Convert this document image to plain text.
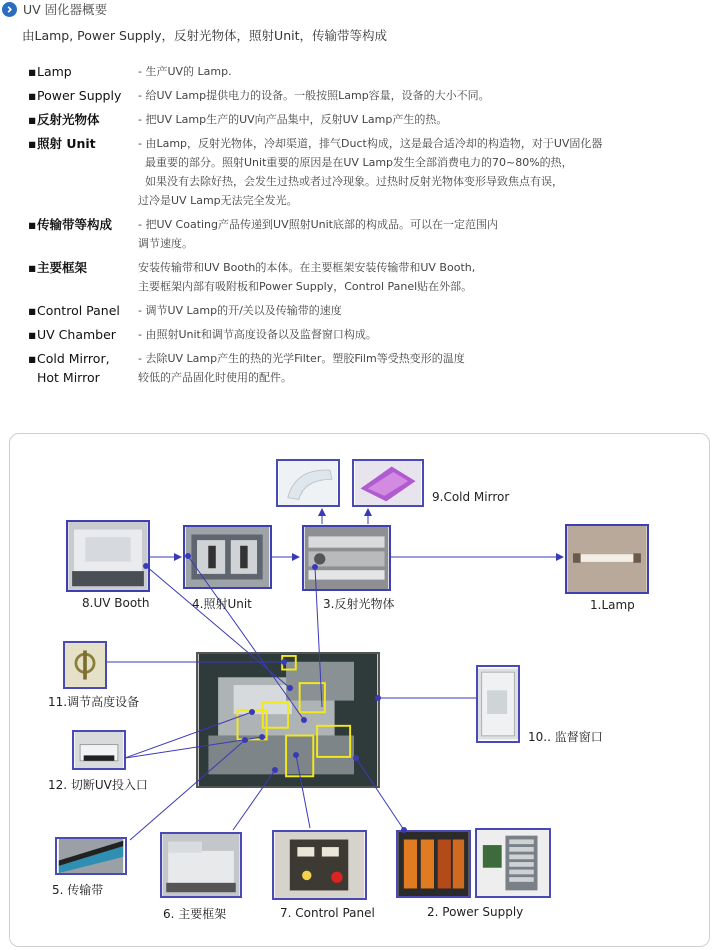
UV 固化器概要
由Lamp, Power Supply，反射光物体，照射Unit，传输带等构成
▪ Lamp	- 生产UV的 Lamp.
▪ Power Supply - 给UV Lamp提供电力的设备。一般按照Lamp容量，设备的大小不同。
▪ 反射光物体	- 把UV Lamp生产的UV向产品集中，反射UV Lamp产生的热。
▪ 照射 Unit	- 由Lamp，反射光物体，冷却渠道，排气Duct构成，这是最合适冷却的构造物，对于UV固化器
最重要的部分。照射Unit重要的原因是在UV Lamp发生全部消费电力的70~80%的热，
如果没有去除好热，会发生过热或者过冷现象。过热时反射光物体变形导致焦点有误，
过冷是UV Lamp无法完全发光。
▪ 传输带等构成 - 把UV Coating产品传递到UV照射Unit底部的构成品。可以在一定范围内
调节速度。
▪ 主要框架	安装传输带和UV Booth的本体。在主要框架安装传输带和UV Booth,
主要框架内部有吸附板和Power Supply，Control Panel贴在外部。
▪ Control Panel - 调节UV Lamp的开/关以及传输带的速度
▪ UV Chamber - 由照射Unit和调节高度设备以及监督窗口构成。
▪ Cold Mirror,
Hot Mirror
- 去除UV Lamp产生的热的光学Filter。塑胶Film等受热变形的温度
较低的产品固化时使用的配件。
9.Cold Mirror
8.UV Booth	4.照射Unit	3.反射光物体	1.Lamp
11.调节高度设备
10.. 监督窗口
12. 切断UV投入口
5. 传输带
6. 主要框架	7. Control Panel	2. Power Supply
